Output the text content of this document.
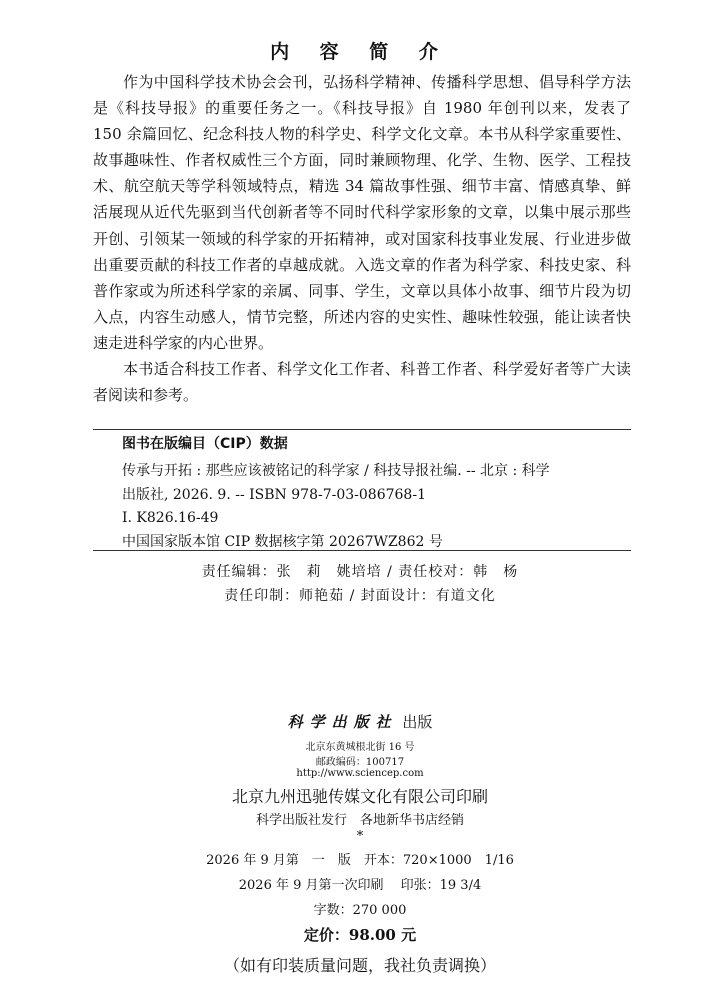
内 容 简 介

作为中国科学技术协会会刊，弘扬科学精神、传播科学思想、倡导科学方法是《科技导报》的重要任务之一。《科技导报》自 1980 年创刊以来，发表了 150 余篇回忆、纪念科技人物的科学史、科学文化文章。本书从科学家重要性、故事趣味性、作者权威性三个方面，同时兼顾物理、化学、生物、医学、工程技术、航空航天等学科领域特点，精选 34 篇故事性强、细节丰富、情感真挚、鲜活展现从近代先驱到当代创新者等不同时代科学家形象的文章，以集中展示那些开创、引领某一领域的科学家的开拓精神，或对国家科技事业发展、行业进步做出重要贡献的科技工作者的卓越成就。入选文章的作者为科学家、科技史家、科普作家或为所述科学家的亲属、同事、学生，文章以具体小故事、细节片段为切入点，内容生动感人，情节完整，所述内容的史实性、趣味性较强，能让读者快速走进科学家的内心世界。

本书适合科技工作者、科学文化工作者、科普工作者、科学爱好者等广大读者阅读和参考。

图书在版编目（CIP）数据
传承与开拓 : 那些应该被铭记的科学家 / 科技导报社编. -- 北京 : 科学
出版社, 2026. 9. -- ISBN 978-7-03-086768-1
Ⅰ. K826.16-49
中国国家版本馆 CIP 数据核字第 20267WZ862 号
责任编辑：张　莉　姚培培 / 责任校对：韩　杨
责任印制：师艳茹 / 封面设计：有道文化
科学出版社 出版
北京东黄城根北街 16 号
邮政编码：100717
http://www.sciencep.com
北京九州迅驰传媒文化有限公司印刷
科学出版社发行　各地新华书店经销
*
2026 年 9 月第　一　版　开本：720×1000　1/16
2026 年 9 月第一次印刷　 印张：19 3/4
字数：270 000
定价：98.00 元
（如有印装质量问题，我社负责调换）
